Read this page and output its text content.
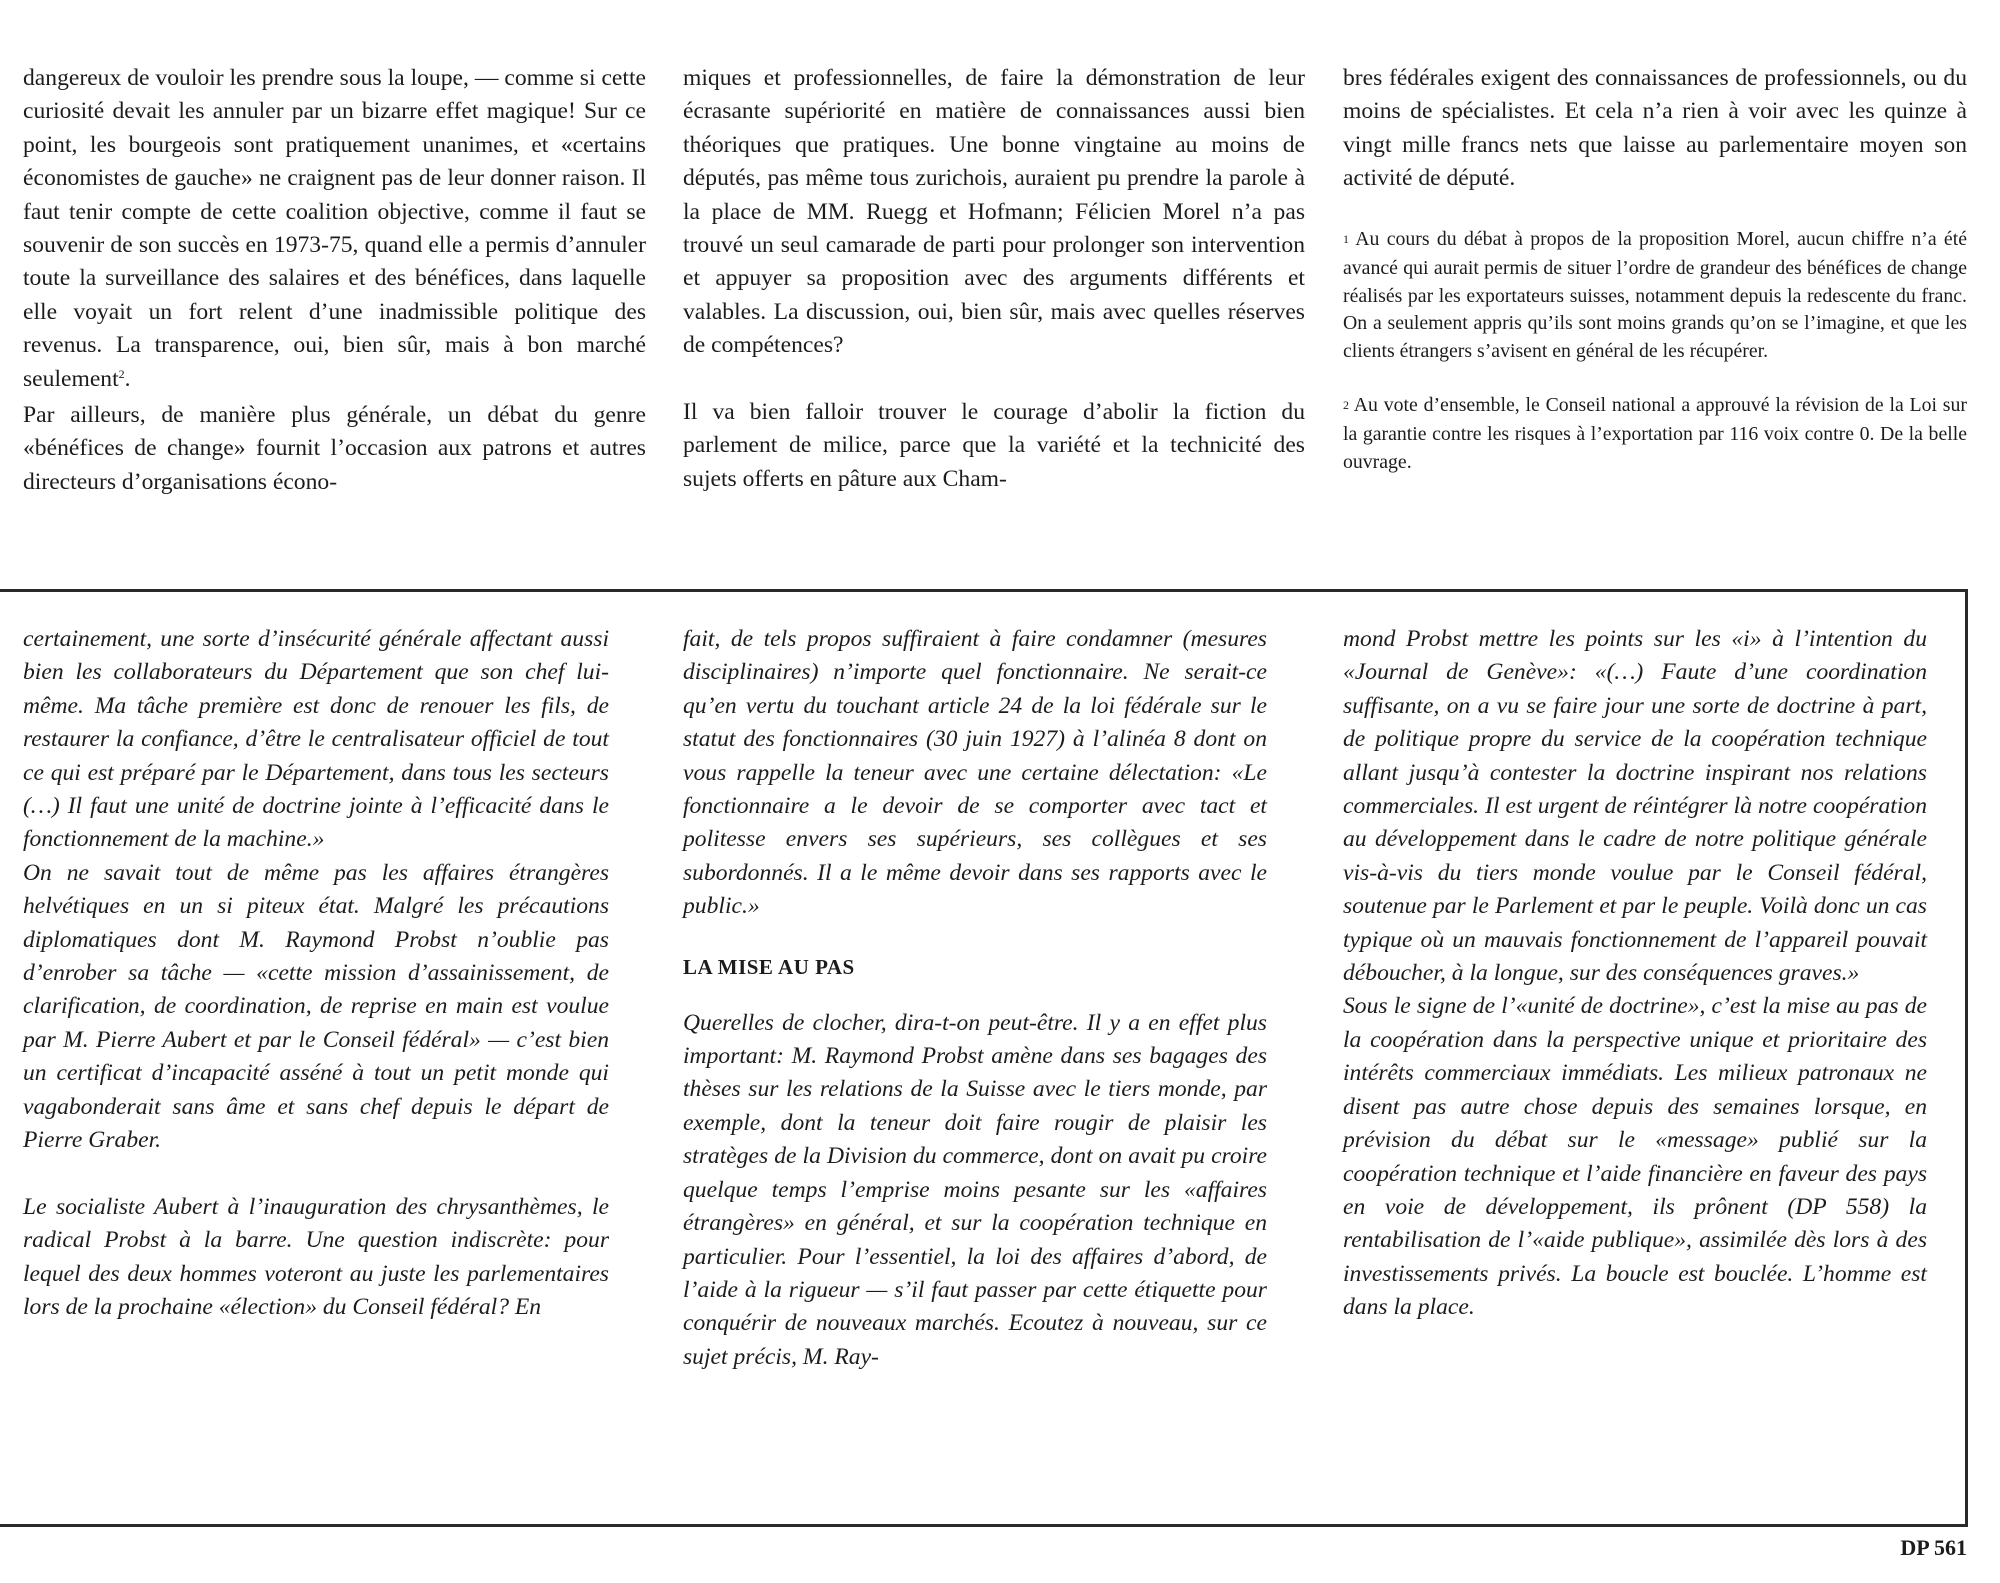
dangereux de vouloir les prendre sous la loupe, — comme si cette curiosité devait les annuler par un bizarre effet magique! Sur ce point, les bourgeois sont pratiquement unanimes, et «certains économistes de gauche» ne craignent pas de leur donner raison. Il faut tenir compte de cette coalition objective, comme il faut se souvenir de son succès en 1973-75, quand elle a permis d’annuler toute la surveillance des salaires et des bénéfices, dans laquelle elle voyait un fort relent d’une inadmissible politique des revenus. La transparence, oui, bien sûr, mais à bon marché seulement$^2$.

Par ailleurs, de manière plus générale, un débat du genre «bénéfices de change» fournit l’occasion aux patrons et autres directeurs d’organisations écono-

miques et professionnelles, de faire la démonstration de leur écrasante supériorité en matière de connaissances aussi bien théoriques que pratiques. Une bonne vingtaine au moins de députés, pas même tous zurichois, auraient pu prendre la parole à la place de MM. Ruegg et Hofmann; Félicien Morel n’a pas trouvé un seul camarade de parti pour prolonger son intervention et appuyer sa proposition avec des arguments différents et valables. La discussion, oui, bien sûr, mais avec quelles réserves de compétences?

Il va bien falloir trouver le courage d’abolir la fiction du parlement de milice, parce que la variété et la technicité des sujets offerts en pâture aux Cham-

bres fédérales exigent des connaissances de professionnels, ou du moins de spécialistes. Et cela n’a rien à voir avec les quinze à vingt mille francs nets que laisse au parlementaire moyen son activité de député.

$^1$ Au cours du débat à propos de la proposition Morel, aucun chiffre n’a été avancé qui aurait permis de situer l’ordre de grandeur des bénéfices de change réalisés par les exportateurs suisses, notamment depuis la redescente du franc. On a seulement appris qu’ils sont moins grands qu’on se l’imagine, et que les clients étrangers s’avisent en général de les récupérer.

$^2$ Au vote d’ensemble, le Conseil national a approuvé la révision de la Loi sur la garantie contre les risques à l’exportation par 116 voix contre 0. De la belle ouvrage.

certainement, une sorte d’insécurité générale affectant aussi bien les collaborateurs du Département que son chef lui-même. Ma tâche première est donc de renouer les fils, de restaurer la confiance, d’être le centralisateur officiel de tout ce qui est préparé par le Département, dans tous les secteurs (…) Il faut une unité de doctrine jointe à l’efficacité dans le fonctionnement de la machine.»

On ne savait tout de même pas les affaires étrangères helvétiques en un si piteux état. Malgré les précautions diplomatiques dont M. Raymond Probst n’oublie pas d’enrober sa tâche — «cette mission d’assainissement, de clarification, de coordination, de reprise en main est voulue par M. Pierre Aubert et par le Conseil fédéral» — c’est bien un certificat d’incapacité asséné à tout un petit monde qui vagabonderait sans âme et sans chef depuis le départ de Pierre Graber.

Le socialiste Aubert à l’inauguration des chrysanthèmes, le radical Probst à la barre. Une question indiscrète: pour lequel des deux hommes voteront au juste les parlementaires lors de la prochaine «élection» du Conseil fédéral? En

fait, de tels propos suffiraient à faire condamner (mesures disciplinaires) n’importe quel fonctionnaire. Ne serait-ce qu’en vertu du touchant article 24 de la loi fédérale sur le statut des fonctionnaires (30 juin 1927) à l’alinéa 8 dont on vous rappelle la teneur avec une certaine délectation: «Le fonctionnaire a le devoir de se comporter avec tact et politesse envers ses supérieurs, ses collègues et ses subordonnés. Il a le même devoir dans ses rapports avec le public.»

LA MISE AU PAS

Querelles de clocher, dira-t-on peut-être. Il y a en effet plus important: M. Raymond Probst amène dans ses bagages des thèses sur les relations de la Suisse avec le tiers monde, par exemple, dont la teneur doit faire rougir de plaisir les stratèges de la Division du commerce, dont on avait pu croire quelque temps l’emprise moins pesante sur les «affaires étrangères» en général, et sur la coopération technique en particulier. Pour l’essentiel, la loi des affaires d’abord, de l’aide à la rigueur — s’il faut passer par cette étiquette pour conquérir de nouveaux marchés. Ecoutez à nouveau, sur ce sujet précis, M. Ray-

mond Probst mettre les points sur les «i» à l’intention du «Journal de Genève»: «(…) Faute d’une coordination suffisante, on a vu se faire jour une sorte de doctrine à part, de politique propre du service de la coopération technique allant jusqu’à contester la doctrine inspirant nos relations commerciales. Il est urgent de réintégrer là notre coopération au développement dans le cadre de notre politique générale vis-à-vis du tiers monde voulue par le Conseil fédéral, soutenue par le Parlement et par le peuple. Voilà donc un cas typique où un mauvais fonctionnement de l’appareil pouvait déboucher, à la longue, sur des conséquences graves.»

Sous le signe de l’«unité de doctrine», c’est la mise au pas de la coopération dans la perspective unique et prioritaire des intérêts commerciaux immédiats. Les milieux patronaux ne disent pas autre chose depuis des semaines lorsque, en prévision du débat sur le «message» publié sur la coopération technique et l’aide financière en faveur des pays en voie de développement, ils prônent (DP 558) la rentabilisation de l’«aide publique», assimilée dès lors à des investissements privés. La boucle est bouclée. L’homme est dans la place.

DP 561
